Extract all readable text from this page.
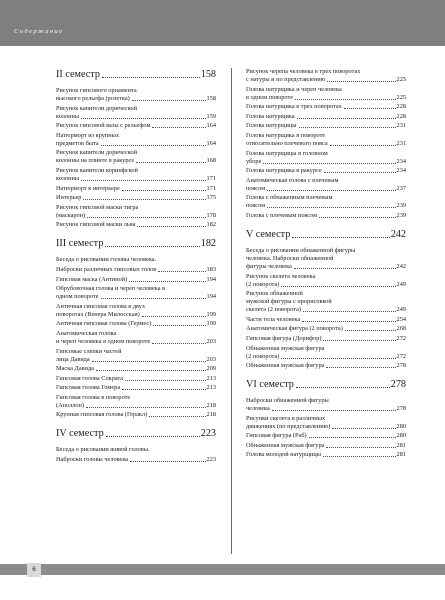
Содержание
II семестр	158
Рисунок гипсового орнамента
высокого рельефа (розетка)	158
Рисунок капители дорической
колонны	159
Рисунок гипсовой вазы с рельефом	164
Натюрморт из крупных
предметов быта	164
Рисунок капители дорической
колонны на плинте в ракурсе	168
Рисунок капители коринфской
колонны	171
Натюрморт в интерьере	171
Интерьер	175
Рисунок гипсовой маски тигра
(маскарон)	178
Рисунок гипсовой маски льва	182
III семестр	182
Беседа о рисовании головы человека.
Наброски различных гипсовых голов	183
Гипсовая маска (Антиной)	194
Обрубовочная голова и череп человека в
одном повороте	194
Античная гипсовая голова в двух
поворотах (Венера Милосская)	199
Античная гипсовая голова (Гермес)	199
Анатомическая голова
и череп человека в одном повороте	203
Гипсовые слепки частей
лица Давида	203
Маска Давида	209
Гипсовая голова Сократа	213
Гипсовая голова Гомера	213
Гипсовая голова в повороте
(Аполлон)	218
Крупная гипсовая голова (Геракл)	218
IV семестр	223
Беседа о рисовании живой головы.
Наброски головы человека	223
Рисунок черепа человека в трех поворотах
с натуры и по представлению	225
Голова натурщика и череп человека
в одном повороте	225
Голова натурщика в трех поворотах	228
Голова натурщика	228
Голова натурщицы	231
Голова натурщика в повороте
относительно плечевого пояса	231
Голова натурщицы в головном
уборе	234
Голова натурщика в ракурсе	234
Анатомическая голова с плечевым
поясом	237
Голова с обнаженным плечевым
поясом	239
Голова с плечевым поясом	239
V семестр	242
Беседа о рисовании обнаженной фигуры
человека. Наброски обнаженной
фигуры человека	242
Рисунок скелета человека
(2 поворота)	249
Рисунок обнаженной
мужской фигуры с прорисовкой
скелета (2 поворота)	249
Части тела человека	254
Анатомическая фигура (2 поворота)	268
Гипсовая фигура (Дорифор)	272
Обнаженная мужская фигура
(2 поворота)	272
Обнаженная мужская фигура	278
VI семестр	278
Наброски обнаженной фигуры
человека	278
Рисунки скелета в различных
движениях (по представлению)	280
Гипсовая фигура (Раб)	280
Обнаженная мужская фигура	281
Голова молодой натурщицы	281
6
